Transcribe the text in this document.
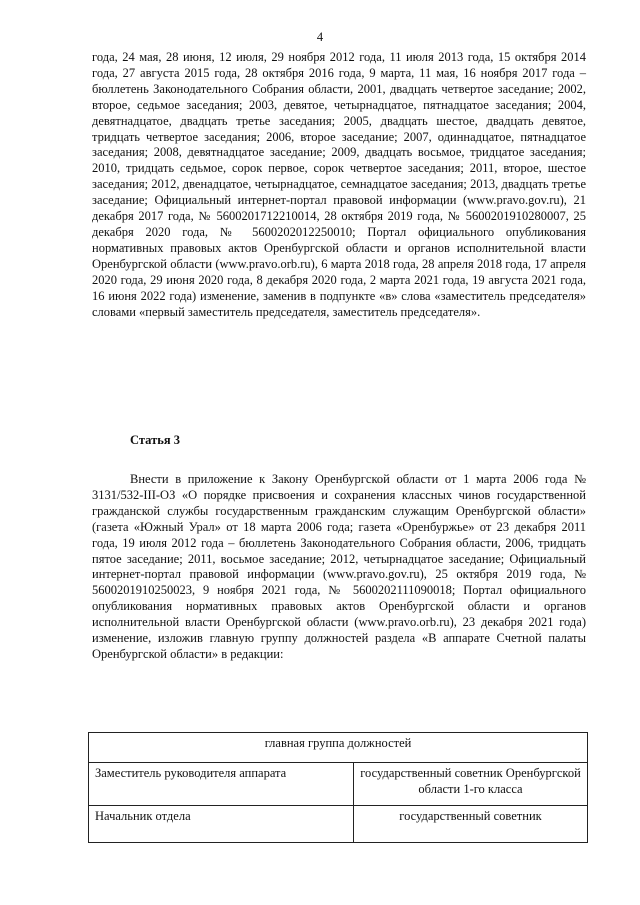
4

года, 24 мая, 28 июня, 12 июля, 29 ноября 2012 года, 11 июля 2013 года, 15 октября 2014 года, 27 августа 2015 года, 28 октября 2016 года, 9 марта, 11 мая, 16 ноября 2017 года – бюллетень Законодательного Собрания области, 2001, двадцать четвертое заседание; 2002, второе, седьмое заседания; 2003, девятое, четырнадцатое, пятнадцатое заседания; 2004, девятнадцатое, двадцать третье заседания; 2005, двадцать шестое, двадцать девятое, тридцать четвертое заседания; 2006, второе заседание; 2007, одиннадцатое, пятнадцатое заседания; 2008, девятнадцатое заседание; 2009, двадцать восьмое, тридцатое заседания; 2010, тридцать седьмое, сорок первое, сорок четвертое заседания; 2011, второе, шестое заседания; 2012, двенадцатое, четырнадцатое, семнадцатое заседания; 2013, двадцать третье заседание; Официальный интернет-портал правовой информации (www.pravo.gov.ru), 21 декабря 2017 года, № 5600201712210014, 28 октября 2019 года, № 5600201910280007, 25 декабря 2020 года, № 5600202012250010; Портал официального опубликования нормативных правовых актов Оренбургской области и органов исполнительной власти Оренбургской области (www.pravo.orb.ru), 6 марта 2018 года, 28 апреля 2018 года, 17 апреля 2020 года, 29 июня 2020 года, 8 декабря 2020 года, 2 марта 2021 года, 19 августа 2021 года, 16 июня 2022 года) изменение, заменив в подпункте «в» слова «заместитель председателя» словами «первый заместитель председателя, заместитель председателя».

Статья 3

Внести в приложение к Закону Оренбургской области от 1 марта 2006 года № 3131/532-III-ОЗ «О порядке присвоения и сохранения классных чинов государственной гражданской службы государственным гражданским служащим Оренбургской области» (газета «Южный Урал» от 18 марта 2006 года; газета «Оренбуржье» от 23 декабря 2011 года, 19 июля 2012 года – бюллетень Законодательного Собрания области, 2006, тридцать пятое заседание; 2011, восьмое заседание; 2012, четырнадцатое заседание; Официальный интернет-портал правовой информации (www.pravo.gov.ru), 25 октября 2019 года, № 5600201910250023, 9 ноября 2021 года, № 5600202111090018; Портал официального опубликования нормативных правовых актов Оренбургской области и органов исполнительной власти Оренбургской области (www.pravo.orb.ru), 23 декабря 2021 года) изменение, изложив главную группу должностей раздела «В аппарате Счетной палаты Оренбургской области» в редакции:

главная группа должностей	
Заместитель руководителя аппарата	государственный советник Оренбургской области 1-го класса
Начальник отдела	государственный советник
